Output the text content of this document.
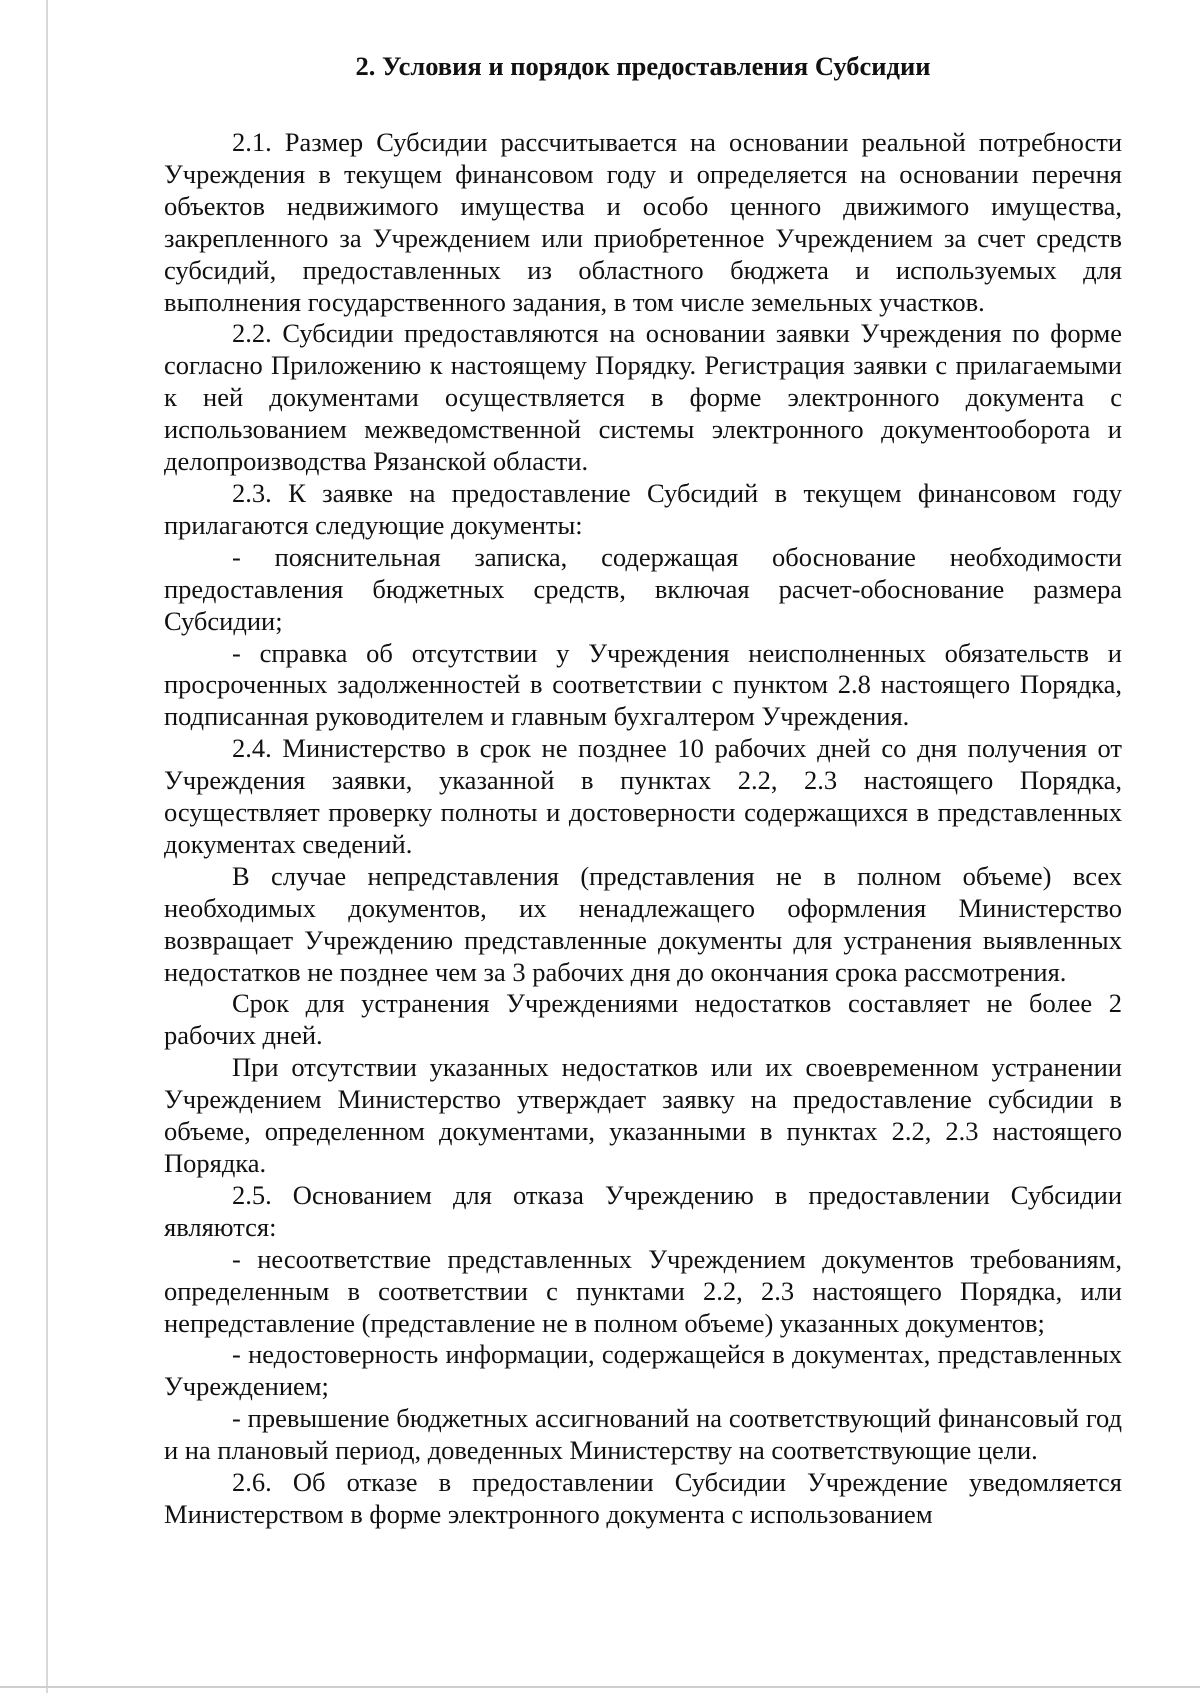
2. Условия и порядок предоставления Субсидии

2.1. Размер Субсидии рассчитывается на основании реальной потребности Учреждения в текущем финансовом году и определяется на основании перечня объектов недвижимого имущества и особо ценного движимого имущества, закрепленного за Учреждением или приобретенное Учреждением за счет средств субсидий, предоставленных из областного бюджета и используемых для выполнения государственного задания, в том числе земельных участков.

2.2. Субсидии предоставляются на основании заявки Учреждения по форме согласно Приложению к настоящему Порядку. Регистрация заявки с прилагаемыми к ней документами осуществляется в форме электронного документа с использованием межведомственной системы электронного документооборота и делопроизводства Рязанской области.

2.3. К заявке на предоставление Субсидий в текущем финансовом году прилагаются следующие документы:

- пояснительная записка, содержащая обоснование необходимости предоставления бюджетных средств, включая расчет-обоснование размера Субсидии;

- справка об отсутствии у Учреждения неисполненных обязательств и просроченных задолженностей в соответствии с пунктом 2.8 настоящего Порядка, подписанная руководителем и главным бухгалтером Учреждения.

2.4. Министерство в срок не позднее 10 рабочих дней со дня получения от Учреждения заявки, указанной в пунктах 2.2, 2.3 настоящего Порядка, осуществляет проверку полноты и достоверности содержащихся в представленных документах сведений.

В случае непредставления (представления не в полном объеме) всех необходимых документов, их ненадлежащего оформления Министерство возвращает Учреждению представленные документы для устранения выявленных недостатков не позднее чем за 3 рабочих дня до окончания срока рассмотрения.

Срок для устранения Учреждениями недостатков составляет не более 2 рабочих дней.

При отсутствии указанных недостатков или их своевременном устранении Учреждением Министерство утверждает заявку на предоставление субсидии в объеме, определенном документами, указанными в пунктах 2.2, 2.3 настоящего Порядка.

2.5. Основанием для отказа Учреждению в предоставлении Субсидии являются:

- несоответствие представленных Учреждением документов требованиям, определенным в соответствии с пунктами 2.2, 2.3 настоящего Порядка, или непредставление (представление не в полном объеме) указанных документов;

- недостоверность информации, содержащейся в документах, представленных Учреждением;

- превышение бюджетных ассигнований на соответствующий финансовый год и на плановый период, доведенных Министерству на соответствующие цели.

2.6. Об отказе в предоставлении Субсидии Учреждение уведомляется Министерством в форме электронного документа с использованием
